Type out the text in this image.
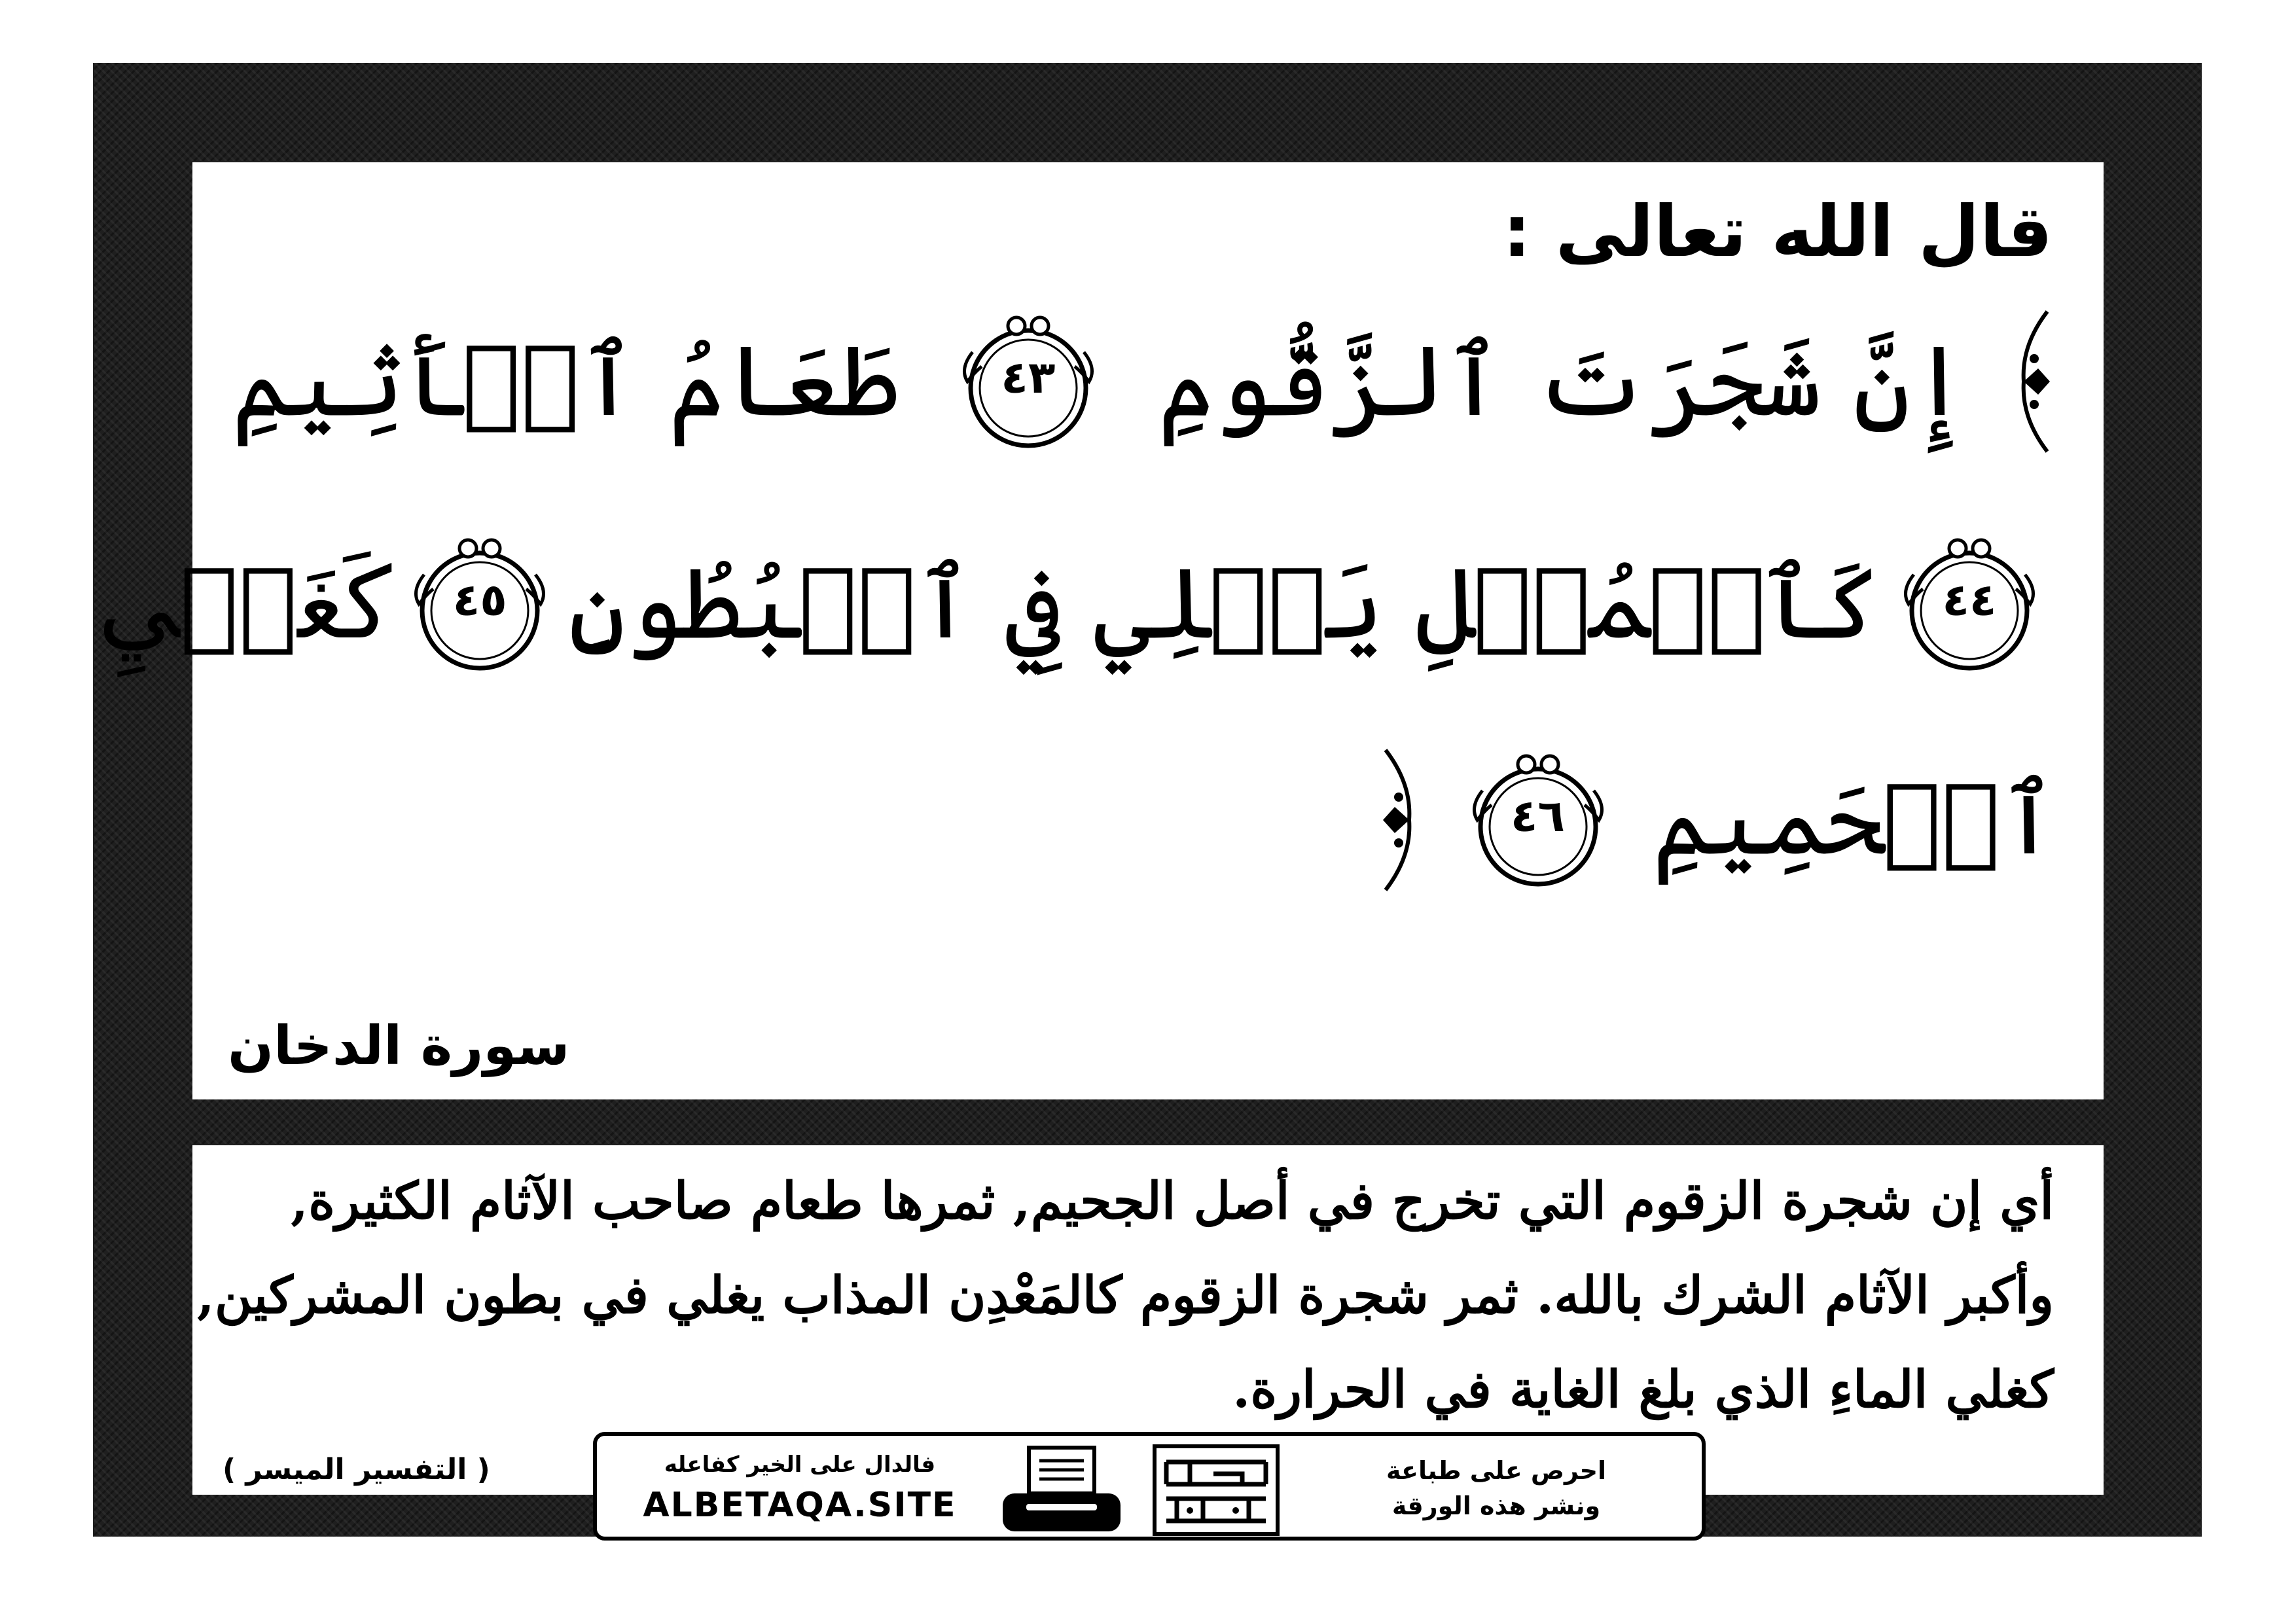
قال الله تعالى :

إِنَّ شَجَرَتَ ٱلزَّقُّومِ
٤٣
طَعَامُ ٱلۡأَثِيمِ
٤٤
كَٱلۡمُهۡلِ يَغۡلِي فِي ٱلۡبُطُونِ
٤٥
كَغَلۡيِ
ٱلۡحَمِيمِ
٤٦

سورة الدخان

أي إن شجرة الزقوم التي تخرج في أصل الجحيم, ثمرها طعام صاحب الآثام الكثيرة,

وأكبر الآثام الشرك بالله. ثمر شجرة الزقوم كالمَعْدِن المذاب يغلي في بطون المشركين,

كغلي الماءِ الذي بلغ الغاية في الحرارة.

( التفسير الميسر )	فالدال على الخير كفاعله
ALBETAQA.SITE
احرص على طباعة
ونشر هذه الورقة
